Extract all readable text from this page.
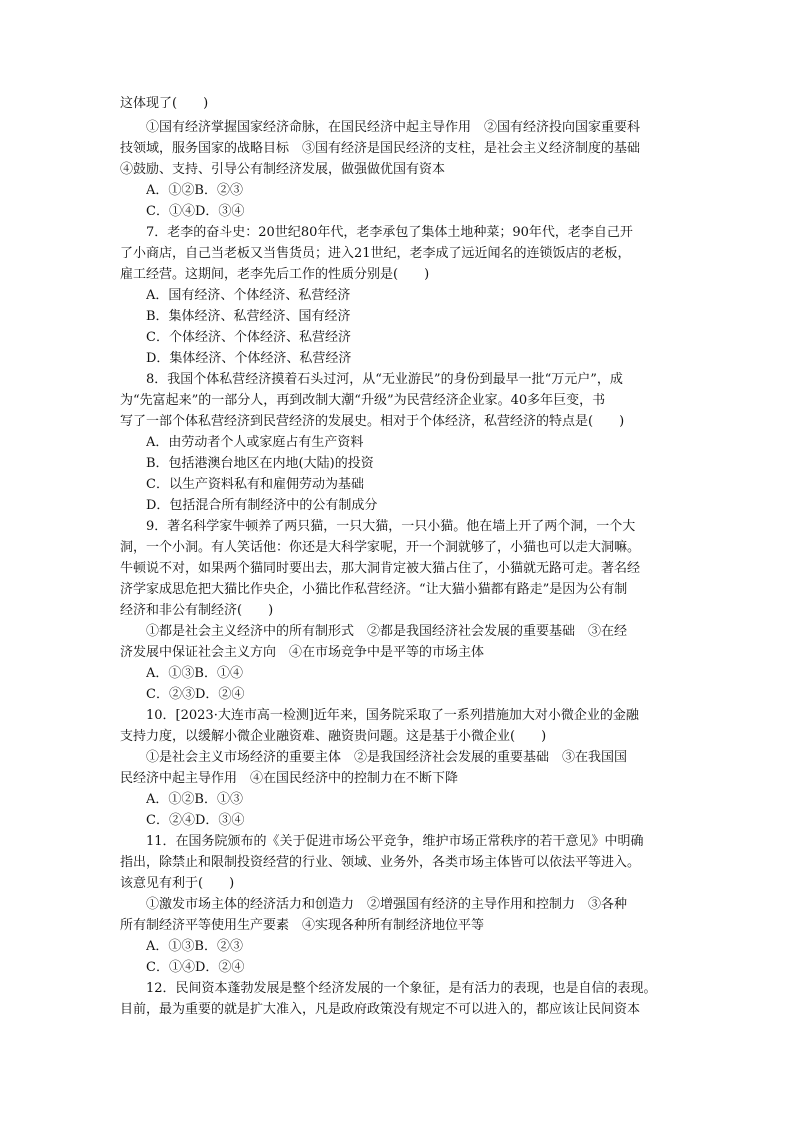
这体现了(　　)
①国有经济掌握国家经济命脉，在国民经济中起主导作用　②国有经济投向国家重要科
技领域，服务国家的战略目标　③国有经济是国民经济的支柱，是社会主义经济制度的基础
④鼓励、支持、引导公有制经济发展，做强做优国有资本
A．①②B．②③
C．①④D．③④
7．老李的奋斗史：20世纪80年代，老李承包了集体土地种菜；90年代，老李自己开
了小商店，自己当老板又当售货员；进入21世纪，老李成了远近闻名的连锁饭店的老板，
雇工经营。这期间，老李先后工作的性质分别是(　　)
A．国有经济、个体经济、私营经济
B．集体经济、私营经济、国有经济
C．个体经济、个体经济、私营经济
D．集体经济、个体经济、私营经济
8．我国个体私营经济摸着石头过河，从“无业游民”的身份到最早一批“万元户”，成
为“先富起来”的一部分人，再到改制大潮“升级”为民营经济企业家。40多年巨变，书
写了一部个体私营经济到民营经济的发展史。相对于个体经济，私营经济的特点是(　　)
A．由劳动者个人或家庭占有生产资料
B．包括港澳台地区在内地(大陆)的投资
C．以生产资料私有和雇佣劳动为基础
D．包括混合所有制经济中的公有制成分
9．著名科学家牛顿养了两只猫，一只大猫，一只小猫。他在墙上开了两个洞，一个大
洞，一个小洞。有人笑话他：你还是大科学家呢，开一个洞就够了，小猫也可以走大洞嘛。
牛顿说不对，如果两个猫同时要出去，那大洞肯定被大猫占住了，小猫就无路可走。著名经
济学家成思危把大猫比作央企，小猫比作私营经济。“让大猫小猫都有路走”是因为公有制
经济和非公有制经济(　　)
①都是社会主义经济中的所有制形式　②都是我国经济社会发展的重要基础　③在经
济发展中保证社会主义方向　④在市场竞争中是平等的市场主体
A．①③B．①④
C．②③D．②④
10．[2023·大连市高一检测]近年来，国务院采取了一系列措施加大对小微企业的金融
支持力度，以缓解小微企业融资难、融资贵问题。这是基于小微企业(　　)
①是社会主义市场经济的重要主体　②是我国经济社会发展的重要基础　③在我国国
民经济中起主导作用　④在国民经济中的控制力在不断下降
A．①②B．①③
C．②④D．③④
11．在国务院颁布的《关于促进市场公平竞争，维护市场正常秩序的若干意见》中明确
指出，除禁止和限制投资经营的行业、领域、业务外，各类市场主体皆可以依法平等进入。
该意见有利于(　　)
①激发市场主体的经济活力和创造力　②增强国有经济的主导作用和控制力　③各种
所有制经济平等使用生产要素　④实现各种所有制经济地位平等
A．①③B．②③
C．①④D．②④
12．民间资本蓬勃发展是整个经济发展的一个象征，是有活力的表现，也是自信的表现。
目前，最为重要的就是扩大准入，凡是政府政策没有规定不可以进入的，都应该让民间资本
